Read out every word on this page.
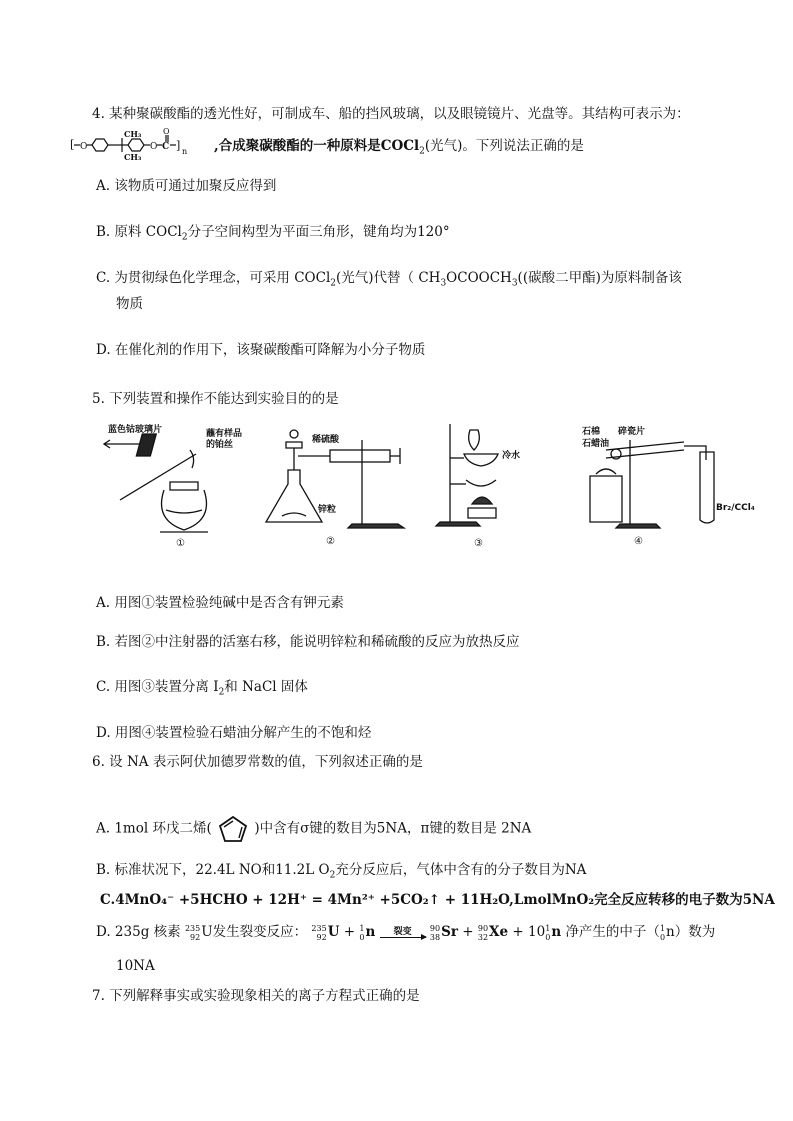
4. 某种聚碳酸酯的透光性好，可制成车、船的挡风玻璃，以及眼镜镜片、光盘等。其结构可表示为：
[ O	O ]
CH₃
CH₃
O
C n ,合成聚碳酸酯的一种原料是COCl$_2$(光气)。下列说法正确的是
A. 该物质可通过加聚反应得到
B. 原料 COCl$_2$分子空间构型为平面三角形，键角均为120°
C. 为贯彻绿色化学理念，可采用 COCl$_2$(光气)代替（ $CH_3OCOOCH_3$((碳酸二甲酯)为原料制备该
物质
D. 在催化剂的作用下，该聚碳酸酯可降解为小分子物质
5. 下列装置和操作不能达到实验目的的是
蓝色钴玻璃片	蘸有样品的铂丝
①
稀硫酸
锌粒
②
冷水
③
石棉
石蜡油
碎瓷片
Br₂/CCl₄
④
A. 用图①装置检验纯碱中是否含有钾元素
B. 若图②中注射器的活塞右移，能说明锌粒和稀硫酸的反应为放热反应
C. 用图③装置分离 $I_2$和 NaCl 固体
D. 用图④装置检验石蜡油分解产生的不饱和烃
6. 设 NA 表示阿伏加德罗常数的值，下列叙述正确的是
A. 1mol 环戊二烯(	)中含有σ键的数目为5NA，π键的数目是 2NA
B. 标准状况下，22.4L NO和11.2L $O_2$充分反应后，气体中含有的分子数目为NA
C.4MnO₄⁻ +5HCHO + 12H⁺ = 4Mn²⁺ +5CO₂↑ + 11H₂O,LmolMnO₂完全反应转移的电子数为5NA
D. 235g 核素 235
92U发生裂变反应： 235
92U + 1
0n	裂变	90
38Sr + 90
32Xe + 101
0n 净产生的中子（1
0n）数为
10NA
7. 下列解释事实或实验现象相关的离子方程式正确的是
